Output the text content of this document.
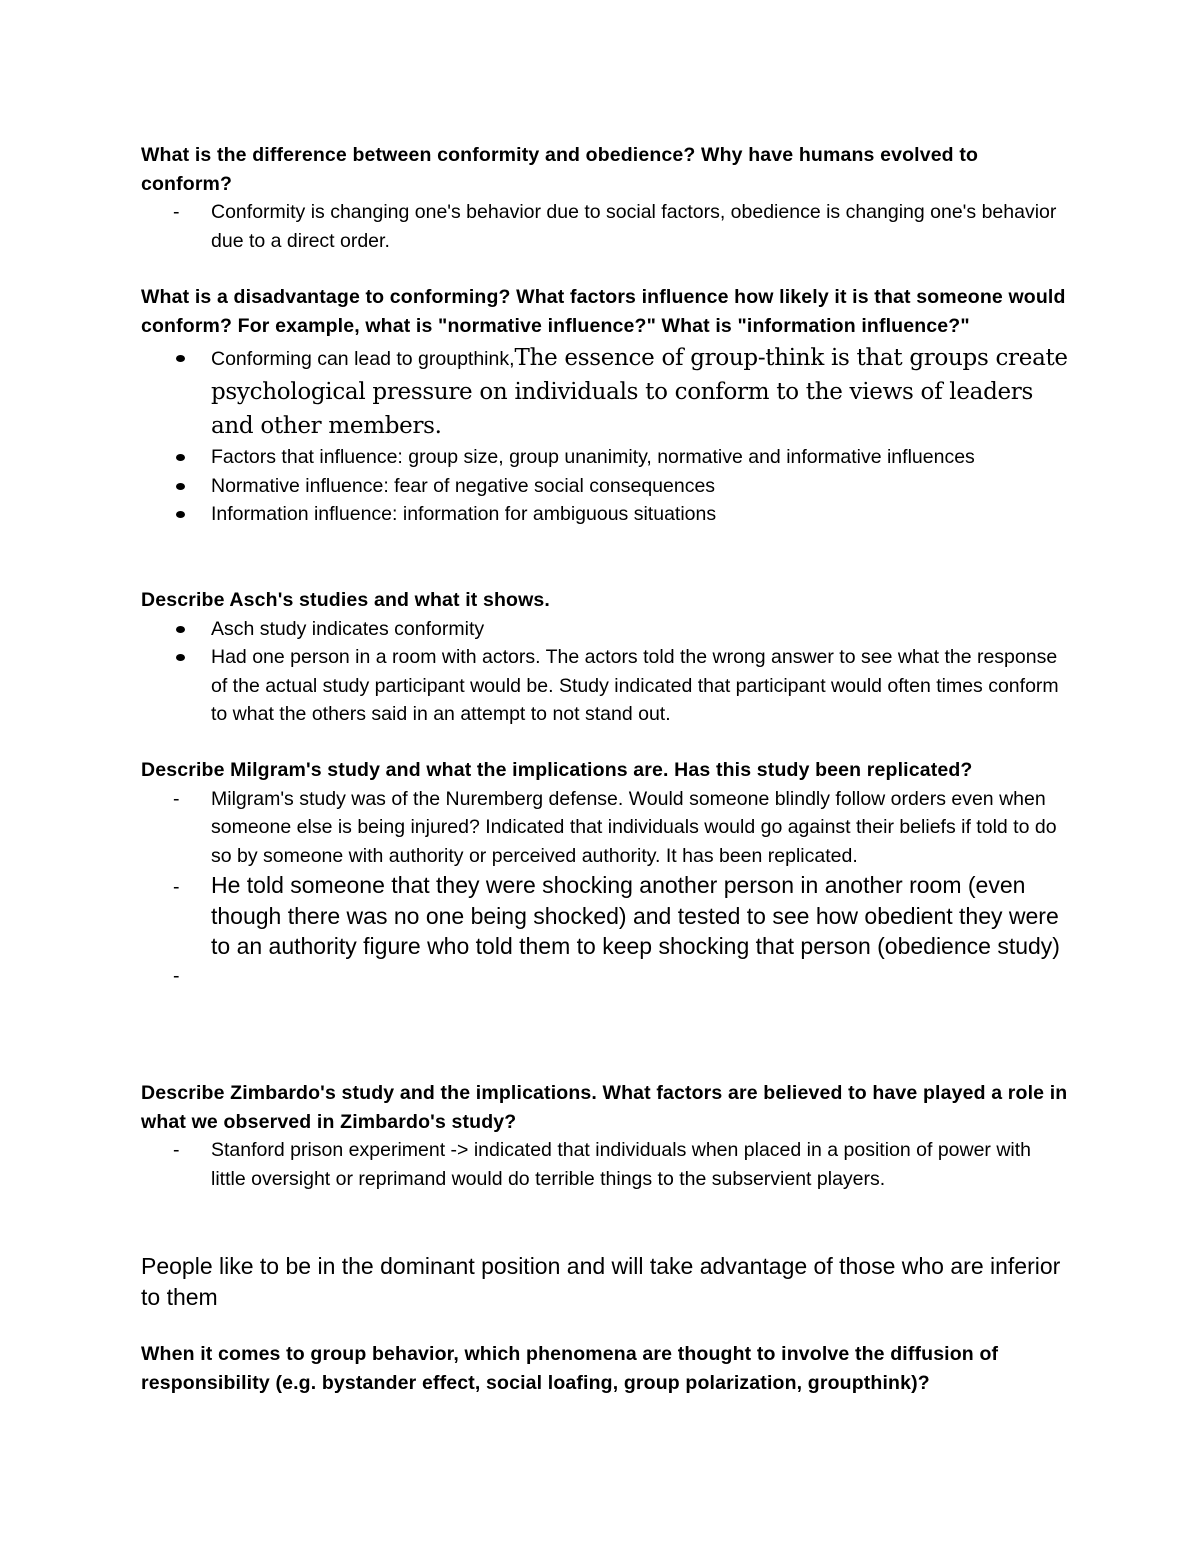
What is the difference between conformity and obedience? Why have humans evolved to conform?

-	Conformity is changing one's behavior due to social factors, obedience is changing one's behavior due to a direct order.

What is a disadvantage to conforming? What factors influence how likely it is that someone would conform? For example, what is "normative influence?" What is "information influence?"

Conforming can lead to groupthink,The essence of group-think is that groups create psychological pressure on individuals to conform to the views of leaders and other members.
Factors that influence: group size, group unanimity, normative and informative influences
Normative influence: fear of negative social consequences
Information influence: information for ambiguous situations

Describe Asch's studies and what it shows.

Asch study indicates conformity
Had one person in a room with actors. The actors told the wrong answer to see what the response of the actual study participant would be. Study indicated that participant would often times conform to what the others said in an attempt to not stand out.

Describe Milgram's study and what the implications are. Has this study been replicated?

-	Milgram's study was of the Nuremberg defense. Would someone blindly follow orders even when someone else is being injured? Indicated that individuals would go against their beliefs if told to do so by someone with authority or perceived authority. It has been replicated.
-	He told someone that they were shocking another person in another room (even though there was no one being shocked) and tested to see how obedient they were to an authority figure who told them to keep shocking that person (obedience study)
-

Describe Zimbardo's study and the implications. What factors are believed to have played a role in what we observed in Zimbardo's study?

-	Stanford prison experiment -> indicated that individuals when placed in a position of power with little oversight or reprimand would do terrible things to the subservient players.

People like to be in the dominant position and will take advantage of those who are inferior to them

When it comes to group behavior, which phenomena are thought to involve the diffusion of responsibility (e.g. bystander effect, social loafing, group polarization, groupthink)?
